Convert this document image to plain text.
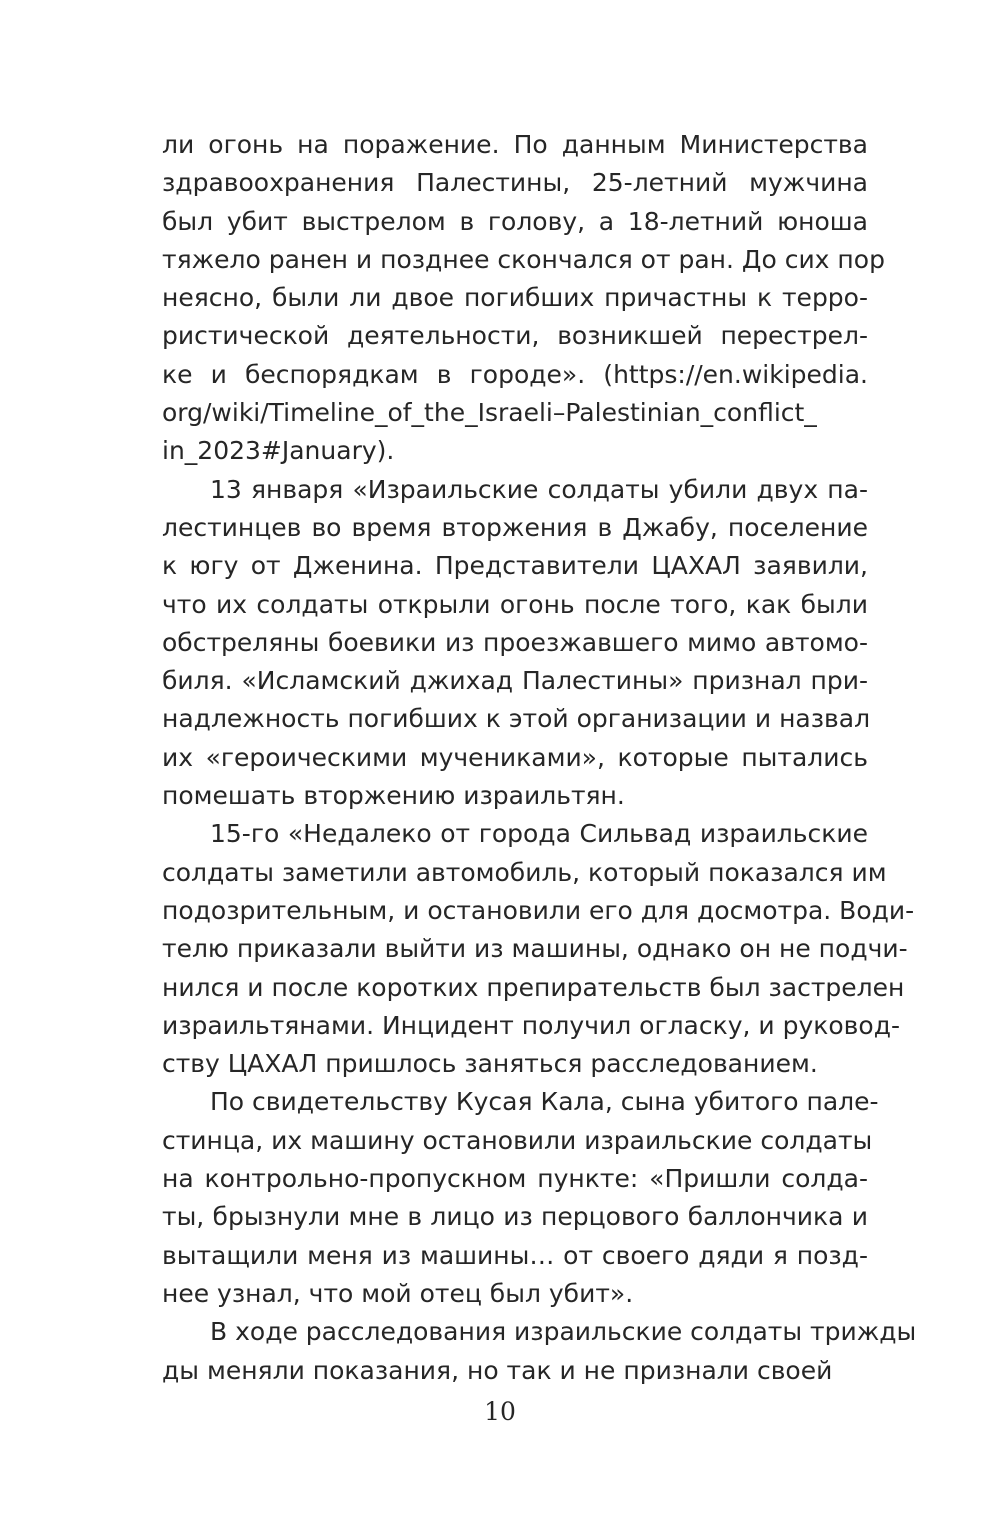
ли огонь на поражение. По данным Министерства
здравоохранения Палестины, 25-летний мужчина
был убит выстрелом в голову, а 18-летний юноша
тяжело ранен и позднее скончался от ран. До сих пор
неясно, были ли двое погибших причастны к терро-
ристической деятельности, возникшей перестрел-
ке и беспорядкам в городе». (https://en.wikipedia.
org/wiki/Timeline_of_the_Israeli–Palestinian_conflict_
in_2023#January).
13 января «Израильские солдаты убили двух па-
лестинцев во время вторжения в Джабу, поселение
к югу от Дженина. Представители ЦАХАЛ заявили,
что их солдаты открыли огонь после того, как были
обстреляны боевики из проезжавшего мимо автомо-
биля. «Исламский джихад Палестины» признал при-
надлежность погибших к этой организации и назвал
их «героическими мучениками», которые пытались
помешать вторжению израильтян.
15-го «Недалеко от города Сильвад израильские
солдаты заметили автомобиль, который показался им
подозрительным, и остановили его для досмотра. Води-
телю приказали выйти из машины, однако он не подчи-
нился и после коротких препирательств был застрелен
израильтянами. Инцидент получил огласку, и руковод-
ству ЦАХАЛ пришлось заняться расследованием.
По свидетельству Кусая Кала, сына убитого пале-
стинца, их машину остановили израильские солдаты
на контрольно-пропускном пункте: «Пришли солда-
ты, брызнули мне в лицо из перцового баллончика и
вытащили меня из машины… от своего дяди я позд-
нее узнал, что мой отец был убит».
В ходе расследования израильские солдаты трижды
ды меняли показания, но так и не признали своей
10
